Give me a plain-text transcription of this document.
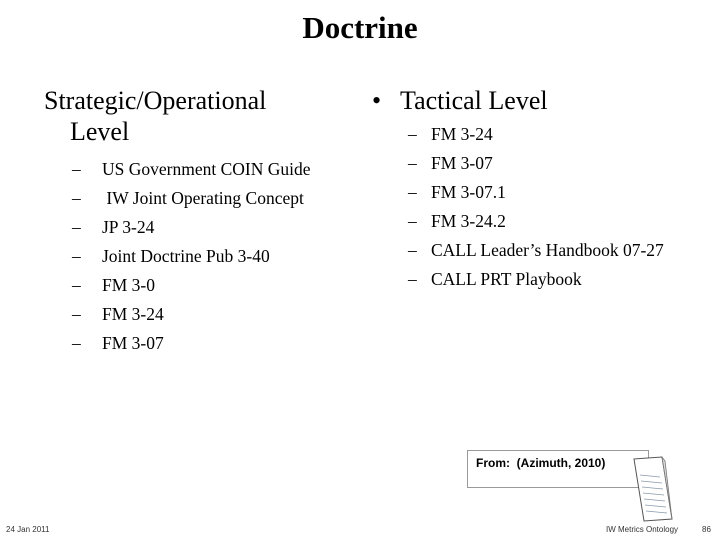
Doctrine
Strategic/Operational
Level
– US Government COIN Guide
– IW Joint Operating Concept
– JP 3-24
– Joint Doctrine Pub 3-40
– FM 3-0
– FM 3-24
– FM 3-07
• Tactical Level
– FM 3-24
– FM 3-07
– FM 3-07.1
– FM 3-24.2
– CALL Leader’s Handbook 07-27
– CALL PRT Playbook
From: (Azimuth, 2010)
24 Jan 2011	IW Metrics Ontology	86
